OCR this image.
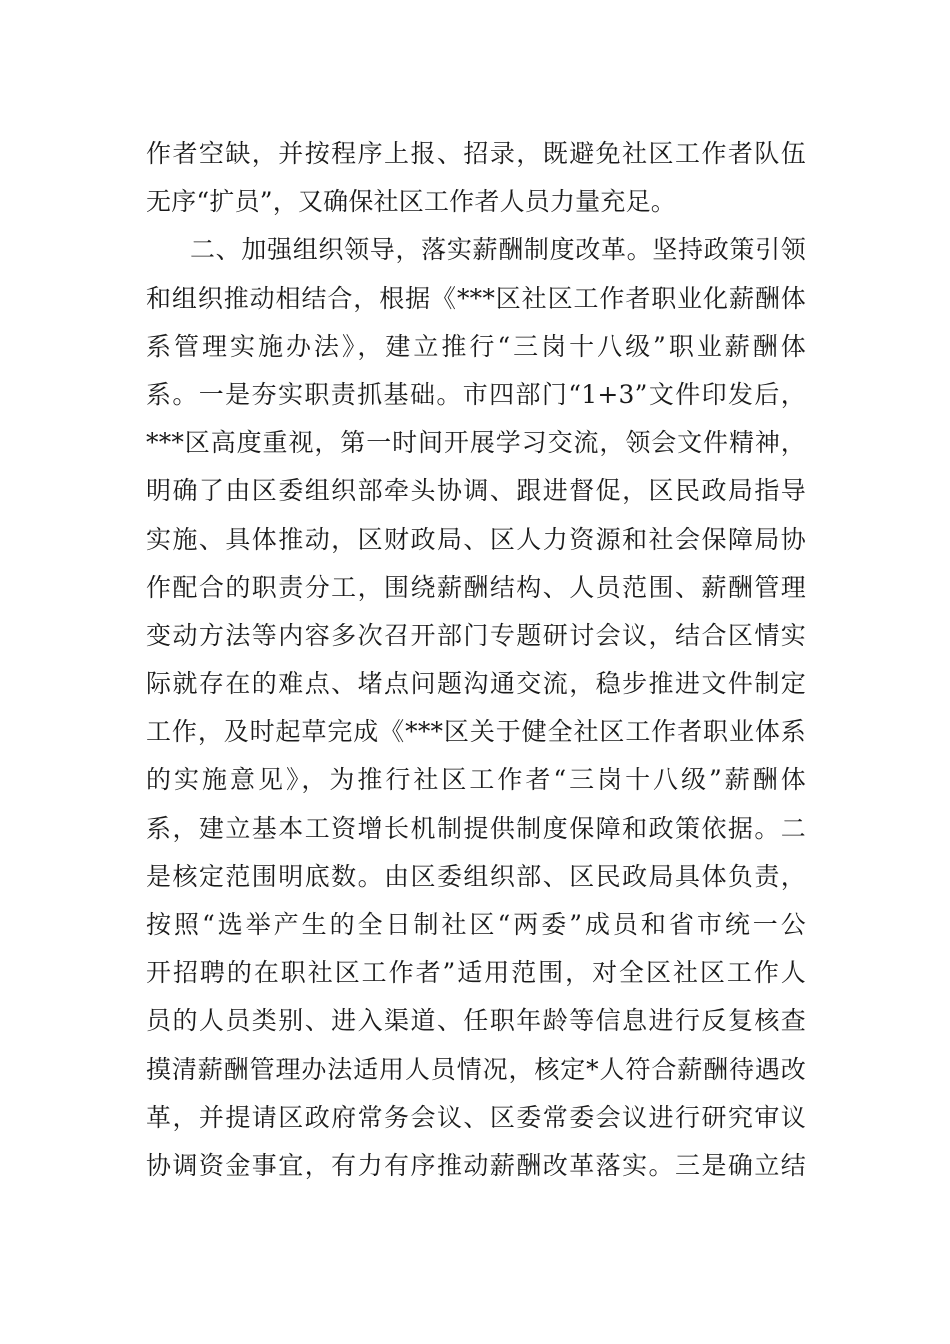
作者空缺，并按程序上报、招录，既避免社区工作者队伍
无序“扩员”，又确保社区工作者人员力量充足。
二、加强组织领导，落实薪酬制度改革。坚持政策引领
和组织推动相结合，根据《***区社区工作者职业化薪酬体
系管理实施办法》，建立推行“三岗十八级”职业薪酬体
系。一是夯实职责抓基础。市四部门“1+3”文件印发后，
***区高度重视，第一时间开展学习交流，领会文件精神，
明确了由区委组织部牵头协调、跟进督促，区民政局指导
实施、具体推动，区财政局、区人力资源和社会保障局协
作配合的职责分工，围绕薪酬结构、人员范围、薪酬管理
变动方法等内容多次召开部门专题研讨会议，结合区情实
际就存在的难点、堵点问题沟通交流，稳步推进文件制定
工作，及时起草完成《***区关于健全社区工作者职业体系
的实施意见》，为推行社区工作者“三岗十八级”薪酬体
系，建立基本工资增长机制提供制度保障和政策依据。二
是核定范围明底数。由区委组织部、区民政局具体负责，
按照“选举产生的全日制社区“两委”成员和省市统一公
开招聘的在职社区工作者”适用范围，对全区社区工作人
员的人员类别、进入渠道、任职年龄等信息进行反复核查
摸清薪酬管理办法适用人员情况，核定*人符合薪酬待遇改
革，并提请区政府常务会议、区委常委会议进行研究审议
协调资金事宜，有力有序推动薪酬改革落实。三是确立结
